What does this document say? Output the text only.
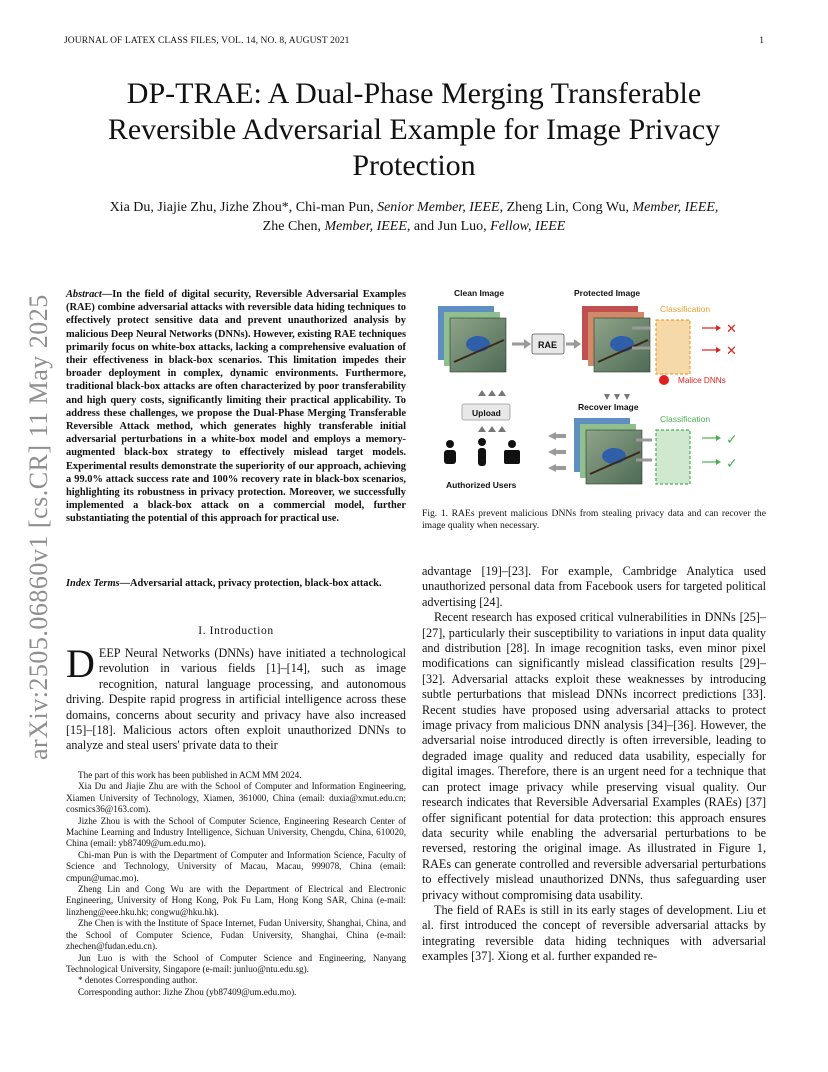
JOURNAL OF LATEX CLASS FILES, VOL. 14, NO. 8, AUGUST 2021	1
DP-TRAE: A Dual-Phase Merging Transferable Reversible Adversarial Example for Image Privacy Protection
Xia Du, Jiajie Zhu, Jizhe Zhou*, Chi-man Pun, Senior Member, IEEE, Zheng Lin, Cong Wu, Member, IEEE,
Zhe Chen, Member, IEEE, and Jun Luo, Fellow, IEEE
arXiv:2505.06860v1 [cs.CR] 11 May 2025 Abstract—In the field of digital security, Reversible Adversarial Examples (RAE) combine adversarial attacks with reversible data hiding techniques to effectively protect sensitive data and prevent unauthorized analysis by malicious Deep Neural Networks (DNNs). However, existing RAE techniques primarily focus on white-box attacks, lacking a comprehensive evaluation of their effectiveness in black-box scenarios. This limitation impedes their broader deployment in complex, dynamic environments. Furthermore, traditional black-box attacks are often characterized by poor transferability and high query costs, significantly limiting their practical applicability. To address these challenges, we propose the Dual-Phase Merging Transferable Reversible Attack method, which generates highly transferable initial adversarial perturbations in a white-box model and employs a memory-augmented black-box strategy to effectively mislead target models. Experimental results demonstrate the superiority of our approach, achieving a 99.0% attack success rate and 100% recovery rate in black-box scenarios, highlighting its robustness in privacy protection. Moreover, we successfully implemented a black-box attack on a commercial model, further substantiating the potential of this approach for practical use.
Index Terms—Adversarial attack, privacy protection, black-box attack.
I. Introduction
DEEP Neural Networks (DNNs) have initiated a technological revolution in various fields [1]–[14], such as image recognition, natural language processing, and autonomous driving. Despite rapid progress in artificial intelligence across these domains, concerns about security and privacy have also increased [15]–[18]. Malicious actors often exploit unauthorized DNNs to analyze and steal users' private data to their

The part of this work has been published in ACM MM 2024.

Xia Du and Jiajie Zhu are with the School of Computer and Information Engineering, Xiamen University of Technology, Xiamen, 361000, China (email: duxia@xmut.edu.cn; cosmics36@163.com).

Jizhe Zhou is with the School of Computer Science, Engineering Research Center of Machine Learning and Industry Intelligence, Sichuan University, Chengdu, China, 610020, China (email: yb87409@um.edu.mo).

Chi-man Pun is with the Department of Computer and Information Science, Faculty of Science and Technology, University of Macau, Macau, 999078, China (email: cmpun@umac.mo).

Zheng Lin and Cong Wu are with the Department of Electrical and Electronic Engineering, University of Hong Kong, Pok Fu Lam, Hong Kong SAR, China (e-mail: linzheng@eee.hku.hk; congwu@hku.hk).

Zhe Chen is with the Institute of Space Internet, Fudan University, Shanghai, China, and the School of Computer Science, Fudan University, Shanghai, China (e-mail: zhechen@fudan.edu.cn).

Jun Luo is with the School of Computer Science and Engineering, Nanyang Technological University, Singapore (e-mail: junluo@ntu.edu.sg).

* denotes Corresponding author.

Corresponding author: Jizhe Zhou (yb87409@um.edu.mo).

Clean Image	Protected Image
RAE
Classification
✕
✕
Malice DNNs
Recover Image
Upload
Authorized Users
Classification
✓
✓
Fig. 1. RAEs prevent malicious DNNs from stealing privacy data and can recover the image quality when necessary.

advantage [19]–[23]. For example, Cambridge Analytica used unauthorized personal data from Facebook users for targeted political advertising [24].

Recent research has exposed critical vulnerabilities in DNNs [25]–[27], particularly their susceptibility to variations in input data quality and distribution [28]. In image recognition tasks, even minor pixel modifications can significantly mislead classification results [29]–[32]. Adversarial attacks exploit these weaknesses by introducing subtle perturbations that mislead DNNs incorrect predictions [33]. Recent studies have proposed using adversarial attacks to protect image privacy from malicious DNN analysis [34]–[36]. However, the adversarial noise introduced directly is often irreversible, leading to degraded image quality and reduced data usability, especially for digital images. Therefore, there is an urgent need for a technique that can protect image privacy while preserving visual quality. Our research indicates that Reversible Adversarial Examples (RAEs) [37] offer significant potential for data protection: this approach ensures data security while enabling the adversarial perturbations to be reversed, restoring the original image. As illustrated in Figure 1, RAEs can generate controlled and reversible adversarial perturbations to effectively mislead unauthorized DNNs, thus safeguarding user privacy without compromising data usability.

The field of RAEs is still in its early stages of development. Liu et al. first introduced the concept of reversible adversarial attacks by integrating reversible data hiding techniques with adversarial examples [37]. Xiong et al. further expanded re-
